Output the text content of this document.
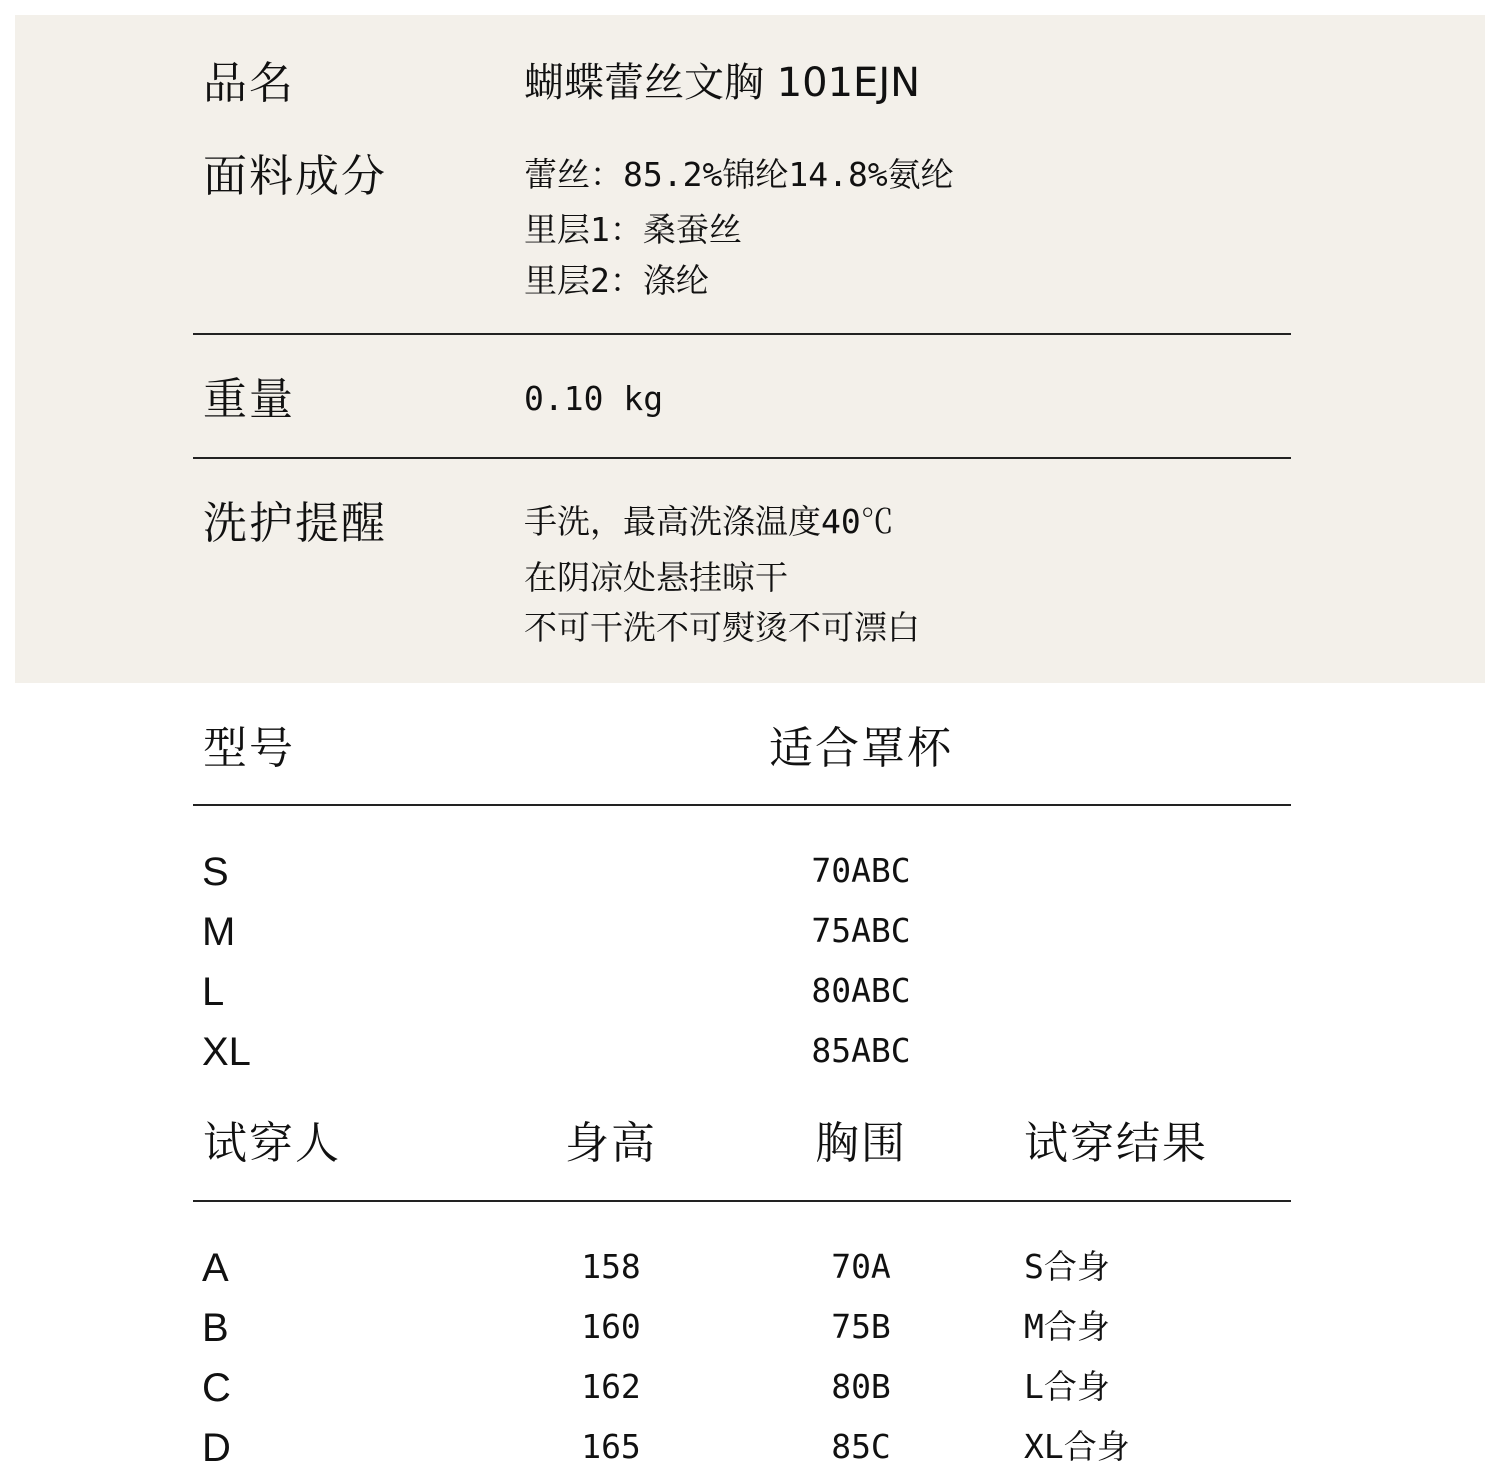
品名	蝴蝶蕾丝文胸 101EJN
面料成分	蕾丝：85.2%锦纶14.8%氨纶
里层1：桑蚕丝
里层2：涤纶
重量	0.10 kg
洗护提醒	手洗，最高洗涤温度40℃
在阴凉处悬挂晾干
不可干洗不可熨烫不可漂白
型号	适合罩杯
S	70ABC
M	75ABC
L	80ABC
XL	85ABC
试穿人	身高	胸围	试穿结果
A	158	70A	S合身
B	160	75B	M合身
C	162	80B	L合身
D	165	85C	XL合身
